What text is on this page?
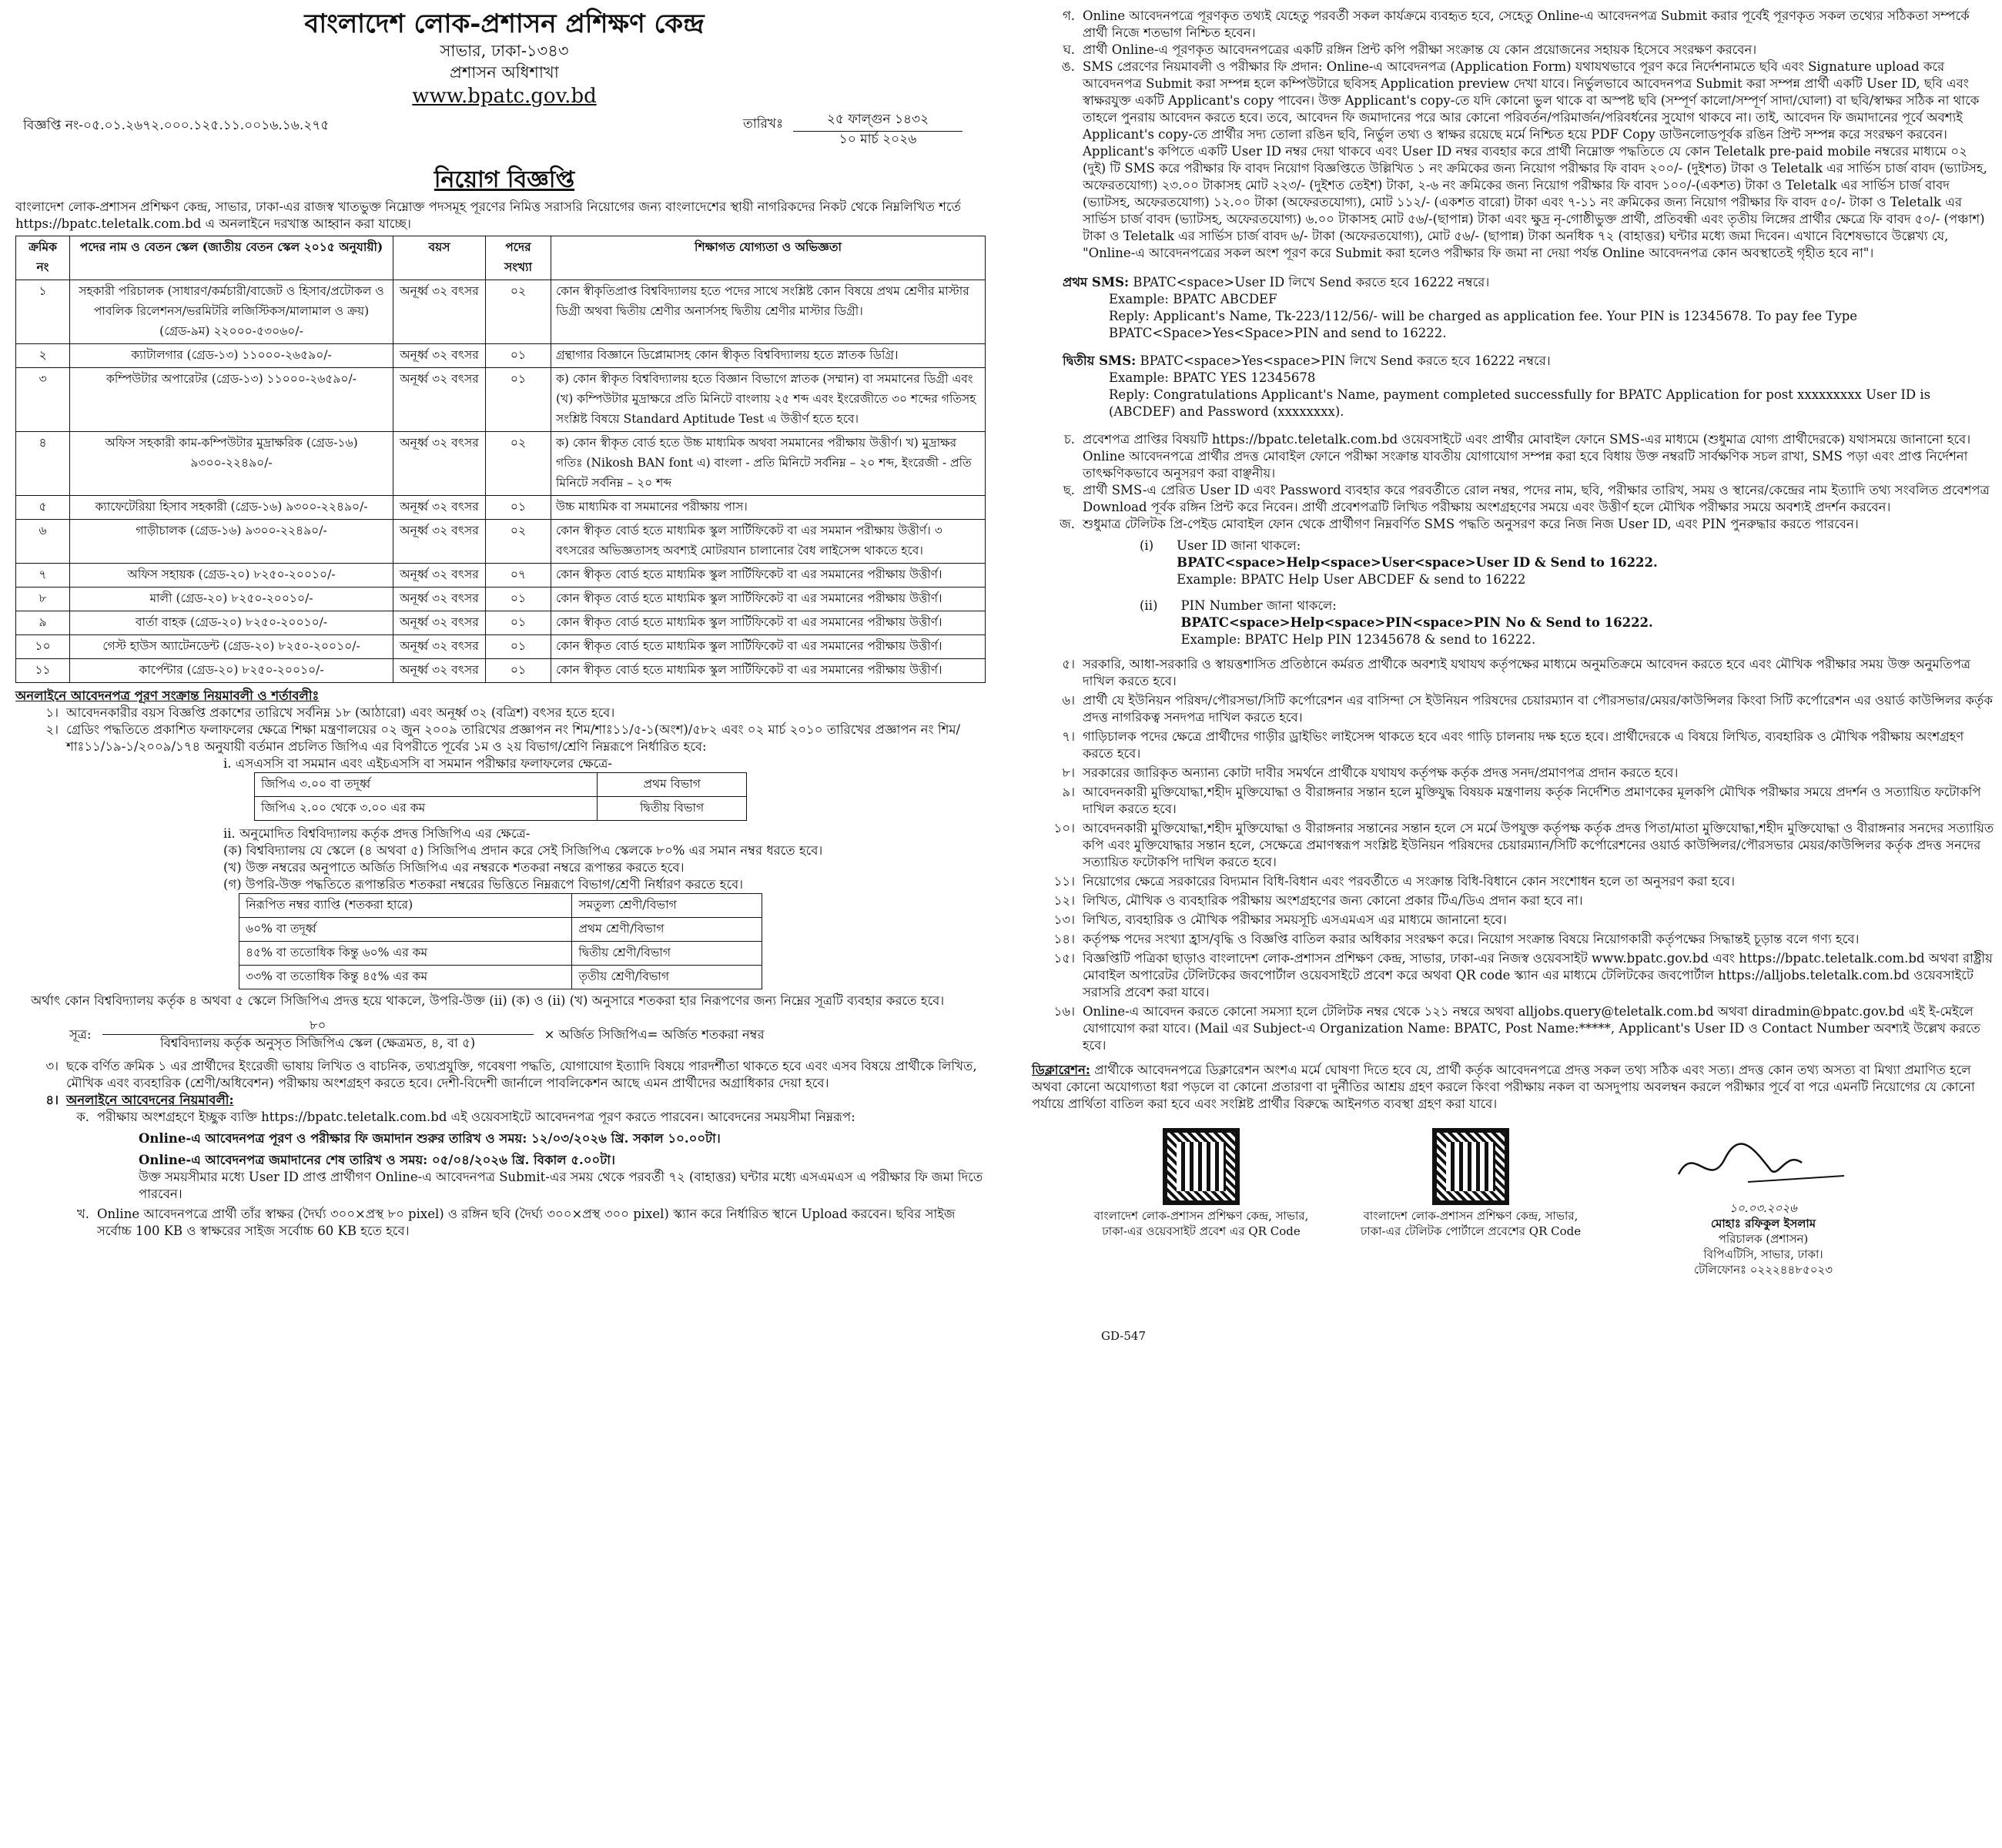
বাংলাদেশ লোক-প্রশাসন প্রশিক্ষণ কেন্দ্র
সাভার, ঢাকা-১৩৪৩
প্রশাসন অধিশাখা
www.bpatc.gov.bd
বিজ্ঞপ্তি নং-০৫.০১.২৬৭২.০০০.১২৫.১১.০০১৬.১৬.২৭৫	তারিখঃ	২৫ ফাল্গুন ১৪৩২
১০ মার্চ ২০২৬
নিয়োগ বিজ্ঞপ্তি
বাংলাদেশ লোক-প্রশাসন প্রশিক্ষণ কেন্দ্র, সাভার, ঢাকা-এর রাজস্ব খাতভুক্ত নিম্নোক্ত পদসমূহ পূরণের নিমিত্ত সরাসরি নিয়োগের জন্য বাংলাদেশের স্থায়ী নাগরিকদের নিকট থেকে নিম্নলিখিত শর্তে https://bpatc.teletalk.com.bd এ অনলাইনে দরখাস্ত আহ্বান করা যাচ্ছে।
ক্রমিক নং	পদের নাম ও বেতন স্কেল (জাতীয় বেতন স্কেল ২০১৫ অনুযায়ী)	বয়স	পদের সংখ্যা	শিক্ষাগত যোগ্যতা ও অভিজ্ঞতা
১	সহকারী পরিচালক (সাধারণ/কর্মচারী/বাজেট ও হিসাব/প্রটোকল ও পাবলিক রিলেশনস/ভরমিটরি লজিস্টিকস/মালামাল ও ক্রয়) (গ্রেড-৯ম) ২২০০০-৫৩০৬০/-	অনূর্ধ্ব ৩২ বৎসর	০২	কোন স্বীকৃতিপ্রাপ্ত বিশ্ববিদ্যালয় হতে পদের সাথে সংশ্লিষ্ট কোন বিষয়ে প্রথম শ্রেণীর মাস্টার ডিগ্রী অথবা দ্বিতীয় শ্রেণীর অনার্সসহ দ্বিতীয় শ্রেণীর মাস্টার ডিগ্রী।
২	ক্যাটালগার (গ্রেড-১৩) ১১০০০-২৬৫৯০/-	অনূর্ধ্ব ৩২ বৎসর	০১	গ্রন্থাগার বিজ্ঞানে ডিপ্লোমাসহ কোন স্বীকৃত বিশ্ববিদ্যালয় হতে স্নাতক ডিগ্রি।
৩	কম্পিউটার অপারেটর (গ্রেড-১৩) ১১০০০-২৬৫৯০/-	অনূর্ধ্ব ৩২ বৎসর	০১	ক) কোন স্বীকৃত বিশ্ববিদ্যালয় হতে বিজ্ঞান বিভাগে স্নাতক (সম্মান) বা সমমানের ডিগ্রী এবং (খ) কম্পিউটার মুদ্রাক্ষরে প্রতি মিনিটে বাংলায় ২৫ শব্দ এবং ইংরেজীতে ৩০ শব্দের গতিসহ সংশ্লিষ্ট বিষয়ে Standard Aptitude Test এ উত্তীর্ণ হতে হবে।
৪	অফিস সহকারী কাম-কম্পিউটার মুদ্রাক্ষরিক (গ্রেড-১৬) ৯৩০০-২২৪৯০/-	অনূর্ধ্ব ৩২ বৎসর	০২	ক) কোন স্বীকৃত বোর্ড হতে উচ্চ মাধ্যমিক অথবা সমমানের পরীক্ষায় উত্তীর্ণ। খ) মুদ্রাক্ষর গতিঃ (Nikosh BAN font এ) বাংলা - প্রতি মিনিটে সর্বনিম্ন – ২০ শব্দ, ইংরেজী - প্রতি মিনিটে সর্বনিম্ন – ২০ শব্দ
৫	ক্যাফেটেরিয়া হিসাব সহকারী (গ্রেড-১৬) ৯৩০০-২২৪৯০/-	অনূর্ধ্ব ৩২ বৎসর	০১	উচ্চ মাধ্যমিক বা সমমানের পরীক্ষায় পাস।
৬	গাড়ীচালক (গ্রেড-১৬) ৯৩০০-২২৪৯০/-	অনূর্ধ্ব ৩২ বৎসর	০২	কোন স্বীকৃত বোর্ড হতে মাধ্যমিক স্কুল সার্টিফিকেট বা এর সমমান পরীক্ষায় উত্তীর্ণ। ৩ বৎসরের অভিজ্ঞতাসহ অবশ্যই মোটরযান চালানোর বৈধ লাইসেন্স থাকতে হবে।
৭	অফিস সহায়ক (গ্রেড-২০) ৮২৫০-২০০১০/-	অনূর্ধ্ব ৩২ বৎসর	০৭	কোন স্বীকৃত বোর্ড হতে মাধ্যমিক স্কুল সার্টিফিকেট বা এর সমমানের পরীক্ষায় উত্তীর্ণ।
৮	মালী (গ্রেড-২০) ৮২৫০-২০০১০/-	অনূর্ধ্ব ৩২ বৎসর	০১	কোন স্বীকৃত বোর্ড হতে মাধ্যমিক স্কুল সার্টিফিকেট বা এর সমমানের পরীক্ষায় উত্তীর্ণ।
৯	বার্তা বাহক (গ্রেড-২০) ৮২৫০-২০০১০/-	অনূর্ধ্ব ৩২ বৎসর	০১	কোন স্বীকৃত বোর্ড হতে মাধ্যমিক স্কুল সার্টিফিকেট বা এর সমমানের পরীক্ষায় উত্তীর্ণ।
১০	গেস্ট হাউস অ্যাটেনডেন্ট (গ্রেড-২০) ৮২৫০-২০০১০/-	অনূর্ধ্ব ৩২ বৎসর	০১	কোন স্বীকৃত বোর্ড হতে মাধ্যমিক স্কুল সার্টিফিকেট বা এর সমমানের পরীক্ষায় উত্তীর্ণ।
১১	কার্পেন্টার (গ্রেড-২০) ৮২৫০-২০০১০/-	অনূর্ধ্ব ৩২ বৎসর	০১	কোন স্বীকৃত বোর্ড হতে মাধ্যমিক স্কুল সার্টিফিকেট বা এর সমমানের পরীক্ষায় উত্তীর্ণ।
অনলাইনে আবেদনপত্র পূরণ সংক্রান্ত নিয়মাবলী ও শর্তাবলীঃ
১। আবেদনকারীর বয়স বিজ্ঞপ্তি প্রকাশের তারিখে সর্বনিম্ন ১৮ (আঠারো) এবং অনূর্ধ্ব ৩২ (বত্রিশ) বৎসর হতে হবে।
২। গ্রেডিং পদ্ধতিতে প্রকাশিত ফলাফলের ক্ষেত্রে শিক্ষা মন্ত্রণালয়ের ০২ জুন ২০০৯ তারিখের প্রজ্ঞাপন নং শিম/শাঃ১১/৫-১(অংশ)/৫৮২ এবং ০২ মার্চ ২০১০ তারিখের প্রজ্ঞাপন নং শিম/শাঃ১১/১৯-১/২০০৯/১৭৪ অনুযায়ী বর্তমান প্রচলিত জিপিএ এর বিপরীতে পূর্বের ১ম ও ২য় বিভাগ/শ্রেণি নিম্নরূপে নির্ধারিত হবে:
i. এসএসসি বা সমমান এবং এইচএসসি বা সমমান পরীক্ষার ফলাফলের ক্ষেত্রে-
জিপিএ ৩.০০ বা তদূর্ধ্ব	প্রথম বিভাগ
জিপিএ ২.০০ থেকে ৩.০০ এর কম	দ্বিতীয় বিভাগ
ii. অনুমোদিত বিশ্ববিদ্যালয় কর্তৃক প্রদত্ত সিজিপিএ এর ক্ষেত্রে-
(ক) বিশ্ববিদ্যালয় যে স্কেলে (৪ অথবা ৫) সিজিপিএ প্রদান করে সেই সিজিপিএ স্কেলকে ৮০% এর সমান নম্বর ধরতে হবে।
(খ) উক্ত নম্বরের অনুপাতে অর্জিত সিজিপিএ এর নম্বরকে শতকরা নম্বরে রূপান্তর করতে হবে।
(গ) উপরি-উক্ত পদ্ধতিতে রূপান্তরিত শতকরা নম্বরের ভিত্তিতে নিম্নরূপে বিভাগ/শ্রেণী নির্ধারণ করতে হবে।
নিরূপিত নম্বর ব্যাপ্তি (শতকরা হারে)	সমতুল্য শ্রেণী/বিভাগ
৬০% বা তদূর্ধ্ব	প্রথম শ্রেণী/বিভাগ
৪৫% বা ততোধিক কিন্তু ৬০% এর কম	দ্বিতীয় শ্রেণী/বিভাগ
৩৩% বা ততোধিক কিন্তু ৪৫% এর কম	তৃতীয় শ্রেণী/বিভাগ
অর্থাৎ কোন বিশ্ববিদ্যালয় কর্তৃক ৪ অথবা ৫ স্কেলে সিজিপিএ প্রদত্ত হয়ে থাকলে, উপরি-উক্ত (ii) (ক) ও (ii) (খ) অনুসারে শতকরা হার নিরূপণের জন্য নিম্নের সূত্রটি ব্যবহার করতে হবে।
সূত্র:
৮০
বিশ্ববিদ্যালয় কর্তৃক অনুসৃত সিজিপিএ স্কেল (ক্ষেত্রমত, ৪, বা ৫)
× অর্জিত সিজিপিএ= অর্জিত শতকরা নম্বর
৩। ছকে বর্ণিত ক্রমিক ১ এর প্রার্থীদের ইংরেজী ভাষায় লিখিত ও বাচনিক, তথ্যপ্রযুক্তি, গবেষণা পদ্ধতি, যোগাযোগ ইত্যাদি বিষয়ে পারদর্শীতা থাকতে হবে এবং এসব বিষয়ে প্রার্থীকে লিখিত, মৌখিক এবং ব্যবহারিক (শ্রেণী/অধিবেশন) পরীক্ষায় অংশগ্রহণ করতে হবে। দেশী-বিদেশী জার্নালে পাবলিকেশন আছে এমন প্রার্থীদের অগ্রাধিকার দেয়া হবে।
৪। অনলাইনে আবেদনের নিয়মাবলী:
ক. পরীক্ষায় অংশগ্রহণে ইচ্ছুক ব্যক্তি https://bpatc.teletalk.com.bd এই ওয়েবসাইটে আবেদনপত্র পূরণ করতে পারবেন। আবেদনের সময়সীমা নিম্নরূপ:
Online-এ আবেদনপত্র পূরণ ও পরীক্ষার ফি জমাদান শুরুর তারিখ ও সময়: ১২/০৩/২০২৬ খ্রি. সকাল ১০.০০টা।
Online-এ আবেদনপত্র জমাদানের শেষ তারিখ ও সময়: ০৫/০৪/২০২৬ খ্রি. বিকাল ৫.০০টা।
উক্ত সময়সীমার মধ্যে User ID প্রাপ্ত প্রার্থীগণ Online-এ আবেদনপত্র Submit-এর সময় থেকে পরবর্তী ৭২ (বাহাত্তর) ঘন্টার মধ্যে এসএমএস এ পরীক্ষার ফি জমা দিতে পারবেন।
খ. Online আবেদনপত্রে প্রার্থী তাঁর স্বাক্ষর (দৈর্ঘ্য ৩০০×প্রস্থ ৮০ pixel) ও রঙ্গিন ছবি (দৈর্ঘ্য ৩০০×প্রস্থ ৩০০ pixel) স্ক্যান করে নির্ধারিত স্থানে Upload করবেন। ছবির সাইজ সর্বোচ্চ 100 KB ও স্বাক্ষরের সাইজ সর্বোচ্চ 60 KB হতে হবে।
গ. Online আবেদনপত্রে পূরণকৃত তথ্যই যেহেতু পরবর্তী সকল কার্যক্রমে ব্যবহৃত হবে, সেহেতু Online-এ আবেদনপত্র Submit করার পূর্বেই পূরণকৃত সকল তথ্যের সঠিকতা সম্পর্কে প্রার্থী নিজে শতভাগ নিশ্চিত হবেন।
ঘ. প্রার্থী Online-এ পূরণকৃত আবেদনপত্রের একটি রঙ্গিন প্রিন্ট কপি পরীক্ষা সংক্রান্ত যে কোন প্রয়োজনের সহায়ক হিসেবে সংরক্ষণ করবেন।
ঙ. SMS প্রেরণের নিয়মাবলী ও পরীক্ষার ফি প্রদান: Online-এ আবেদনপত্র (Application Form) যথাযথভাবে পূরণ করে নির্দেশনামতে ছবি এবং Signature upload করে আবেদনপত্র Submit করা সম্পন্ন হলে কম্পিউটারে ছবিসহ Application preview দেখা যাবে। নির্ভুলভাবে আবেদনপত্র Submit করা সম্পন্ন প্রার্থী একটি User ID, ছবি এবং স্বাক্ষরযুক্ত একটি Applicant's copy পাবেন। উক্ত Applicant's copy-তে যদি কোনো ভুল থাকে বা অস্পষ্ট ছবি (সম্পূর্ণ কালো/সম্পূর্ণ সাদা/ঘোলা) বা ছবি/স্বাক্ষর সঠিক না থাকে তাহলে পুনরায় আবেদন করতে হবে। তবে, আবেদন ফি জমাদানের পরে আর কোনো পরিবর্তন/পরিমার্জন/পরিবর্ধনের সুযোগ থাকবে না। তাই, আবেদন ফি জমাদানের পূর্বে অবশ্যই Applicant's copy-তে প্রার্থীর সদ্য তোলা রঙিন ছবি, নির্ভুল তথ্য ও স্বাক্ষর রয়েছে মর্মে নিশ্চিত হয়ে PDF Copy ডাউনলোডপূর্বক রঙিন প্রিন্ট সম্পন্ন করে সংরক্ষণ করবেন। Applicant's কপিতে একটি User ID নম্বর দেয়া থাকবে এবং User ID নম্বর ব্যবহার করে প্রার্থী নিম্নোক্ত পদ্ধতিতে যে কোন Teletalk pre-paid mobile নম্বরের মাধ্যমে ০২ (দুই) টি SMS করে পরীক্ষার ফি বাবদ নিয়োগ বিজ্ঞপ্তিতে উল্লিখিত ১ নং ক্রমিকের জন্য নিয়োগ পরীক্ষার ফি বাবদ ২০০/- (দুইশত) টাকা ও Teletalk এর সার্ভিস চার্জ বাবদ (ভ্যাটসহ, অফেরতযোগ্য) ২৩.০০ টাকাসহ মোট ২২৩/- (দুইশত তেইশ) টাকা, ২-৬ নং ক্রমিকের জন্য নিয়োগ পরীক্ষার ফি বাবদ ১০০/-(একশত) টাকা ও Teletalk এর সার্ভিস চার্জ বাবদ (ভ্যাটসহ, অফেরতযোগ্য) ১২.০০ টাকা (অফেরতযোগ্য), মোট ১১২/- (একশত বারো) টাকা এবং ৭-১১ নং ক্রমিকের জন্য নিয়োগ পরীক্ষার ফি বাবদ ৫০/- টাকা ও Teletalk এর সার্ভিস চার্জ বাবদ (ভ্যাটসহ, অফেরতযোগ্য) ৬.০০ টাকাসহ মোট ৫৬/-(ছাপান্ন) টাকা এবং ক্ষুদ্র নৃ-গোষ্ঠীভুক্ত প্রার্থী, প্রতিবন্ধী এবং তৃতীয় লিঙ্গের প্রার্থীর ক্ষেত্রে ফি বাবদ ৫০/- (পঞ্চাশ) টাকা ও Teletalk এর সার্ভিস চার্জ বাবদ ৬/- টাকা (অফেরতযোগ্য), মোট ৫৬/- (ছাপান্ন) টাকা অনধিক ৭২ (বাহাত্তর) ঘন্টার মধ্যে জমা দিবেন। এখানে বিশেষভাবে উল্লেখ্য যে, "Online-এ আবেদনপত্রের সকল অংশ পূরণ করে Submit করা হলেও পরীক্ষার ফি জমা না দেয়া পর্যন্ত Online আবেদনপত্র কোন অবস্থাতেই গৃহীত হবে না"।
প্রথম SMS: BPATC<space>User ID লিখে Send করতে হবে 16222 নম্বরে।
Example: BPATC ABCDEF
Reply: Applicant's Name, Tk-223/112/56/- will be charged as application fee. Your PIN is 12345678. To pay fee Type BPATC<Space>Yes<Space>PIN and send to 16222.
দ্বিতীয় SMS: BPATC<space>Yes<space>PIN লিখে Send করতে হবে 16222 নম্বরে।
Example: BPATC YES 12345678
Reply: Congratulations Applicant's Name, payment completed successfully for BPATC Application for post xxxxxxxxx User ID is (ABCDEF) and Password (xxxxxxxx).
চ. প্রবেশপত্র প্রাপ্তির বিষয়টি https://bpatc.teletalk.com.bd ওয়েবসাইটে এবং প্রার্থীর মোবাইল ফোনে SMS-এর মাধ্যমে (শুধুমাত্র যোগ্য প্রার্থীদেরকে) যথাসময়ে জানানো হবে। Online আবেদনপত্রে প্রার্থীর প্রদত্ত মোবাইল ফোনে পরীক্ষা সংক্রান্ত যাবতীয় যোগাযোগ সম্পন্ন করা হবে বিধায় উক্ত নম্বরটি সার্বক্ষণিক সচল রাখা, SMS পড়া এবং প্রাপ্ত নির্দেশনা তাৎক্ষণিকভাবে অনুসরণ করা বাঞ্ছনীয়।
ছ. প্রার্থী SMS-এ প্রেরিত User ID এবং Password ব্যবহার করে পরবর্তীতে রোল নম্বর, পদের নাম, ছবি, পরীক্ষার তারিখ, সময় ও স্থানের/কেন্দ্রের নাম ইত্যাদি তথ্য সংবলিত প্রবেশপত্র Download পূর্বক রঙ্গিন প্রিন্ট করে নিবেন। প্রার্থী প্রবেশপত্রটি লিখিত পরীক্ষায় অংশগ্রহণের সময়ে এবং উত্তীর্ণ হলে মৌখিক পরীক্ষার সময়ে অবশ্যই প্রদর্শন করবেন।
জ. শুধুমাত্র টেলিটক প্রি-পেইড মোবাইল ফোন থেকে প্রার্থীগণ নিম্নবর্ণিত SMS পদ্ধতি অনুসরণ করে নিজ নিজ User ID, এবং PIN পুনরুদ্ধার করতে পারবেন।
(i) User ID জানা থাকলে:
BPATC<space>Help<space>User<space>User ID & Send to 16222.
Example: BPATC Help User ABCDEF & send to 16222
(ii) PIN Number জানা থাকলে:
BPATC<space>Help<space>PIN<space>PIN No & Send to 16222.
Example: BPATC Help PIN 12345678 & send to 16222.
৫। সরকারি, আধা-সরকারি ও স্বায়ত্তশাসিত প্রতিষ্ঠানে কর্মরত প্রার্থীকে অবশ্যই যথাযথ কর্তৃপক্ষের মাধ্যমে অনুমতিক্রমে আবেদন করতে হবে এবং মৌখিক পরীক্ষার সময় উক্ত অনুমতিপত্র দাখিল করতে হবে।
৬। প্রার্থী যে ইউনিয়ন পরিষদ/পৌরসভা/সিটি কর্পোরেশন এর বাসিন্দা সে ইউনিয়ন পরিষদের চেয়ারম্যান বা পৌরসভার/মেয়র/কাউন্সিলর কিংবা সিটি কর্পোরেশন এর ওয়ার্ড কাউন্সিলর কর্তৃক প্রদত্ত নাগরিকত্ব সনদপত্র দাখিল করতে হবে।
৭। গাড়িচালক পদের ক্ষেত্রে প্রার্থীদের গাড়ীর ড্রাইভিং লাইসেন্স থাকতে হবে এবং গাড়ি চালনায় দক্ষ হতে হবে। প্রার্থীদেরকে এ বিষয়ে লিখিত, ব্যবহারিক ও মৌখিক পরীক্ষায় অংশগ্রহণ করতে হবে।
৮। সরকারের জারিকৃত অন্যান্য কোটা দাবীর সমর্থনে প্রার্থীকে যথাযথ কর্তৃপক্ষ কর্তৃক প্রদত্ত সনদ/প্রমাণপত্র প্রদান করতে হবে।
৯। আবেদনকারী মুক্তিযোদ্ধা,শহীদ মুক্তিযোদ্ধা ও বীরাঙ্গনার সন্তান হলে মুক্তিযুদ্ধ বিষয়ক মন্ত্রণালয় কর্তৃক নির্দেশিত প্রমাণকের মূলকপি মৌখিক পরীক্ষার সময়ে প্রদর্শন ও সত্যায়িত ফটোকপি দাখিল করতে হবে।
১০। আবেদনকারী মুক্তিযোদ্ধা,শহীদ মুক্তিযোদ্ধা ও বীরাঙ্গনার সন্তানের সন্তান হলে সে মর্মে উপযুক্ত কর্তৃপক্ষ কর্তৃক প্রদত্ত পিতা/মাতা মুক্তিযোদ্ধা,শহীদ মুক্তিযোদ্ধা ও বীরাঙ্গনার সনদের সত্যায়িত কপি এবং মুক্তিযোদ্ধার সন্তান হলে, সেক্ষেত্রে প্রমাণস্বরূপ সংশ্লিষ্ট ইউনিয়ন পরিষদের চেয়ারম্যান/সিটি কর্পোরেশনের ওয়ার্ড কাউন্সিলর/পৌরসভার মেয়র/কাউন্সিলর কর্তৃক প্রদত্ত সনদের সত্যায়িত ফটোকপি দাখিল করতে হবে।
১১। নিয়োগের ক্ষেত্রে সরকারের বিদ্যমান বিধি-বিধান এবং পরবর্তীতে এ সংক্রান্ত বিধি-বিধানে কোন সংশোধন হলে তা অনুসরণ করা হবে।
১২। লিখিত, মৌখিক ও ব্যবহারিক পরীক্ষায় অংশগ্রহণের জন্য কোনো প্রকার টিএ/ডিএ প্রদান করা হবে না।
১৩। লিখিত, ব্যবহারিক ও মৌখিক পরীক্ষার সময়সূচি এসএমএস এর মাধ্যমে জানানো হবে।
১৪। কর্তৃপক্ষ পদের সংখ্যা হ্রাস/বৃদ্ধি ও বিজ্ঞপ্তি বাতিল করার অধিকার সংরক্ষণ করে। নিয়োগ সংক্রান্ত বিষয়ে নিয়োগকারী কর্তৃপক্ষের সিদ্ধান্তই চূড়ান্ত বলে গণ্য হবে।
১৫। বিজ্ঞপ্তিটি পত্রিকা ছাড়াও বাংলাদেশ লোক-প্রশাসন প্রশিক্ষণ কেন্দ্র, সাভার, ঢাকা-এর নিজস্ব ওয়েবসাইট www.bpatc.gov.bd এবং https://bpatc.teletalk.com.bd অথবা রাষ্ট্রীয় মোবাইল অপারেটর টেলিটকের জবপোর্টাল ওয়েবসাইটে প্রবেশ করে অথবা QR code স্ক্যান এর মাধ্যমে টেলিটকের জবপোর্টাল https://alljobs.teletalk.com.bd ওয়েবসাইটে সরাসরি প্রবেশ করা যাবে।
১৬। Online-এ আবেদন করতে কোনো সমস্যা হলে টেলিটক নম্বর থেকে ১২১ নম্বরে অথবা alljobs.query@teletalk.com.bd অথবা diradmin@bpatc.gov.bd এই ই-মেইলে যোগাযোগ করা যাবে। (Mail এর Subject-এ Organization Name: BPATC, Post Name:*****, Applicant's User ID ও Contact Number অবশ্যই উল্লেখ করতে হবে।
ডিক্লারেশন: প্রার্থীকে আবেদনপত্রে ডিক্লারেশন অংশএ মর্মে ঘোষণা দিতে হবে যে, প্রার্থী কর্তৃক আবেদনপত্রে প্রদত্ত সকল তথ্য সঠিক এবং সত্য। প্রদত্ত কোন তথ্য অসত্য বা মিথ্যা প্রমাণিত হলে অথবা কোনো অযোগ্যতা ধরা পড়লে বা কোনো প্রতারণা বা দুর্নীতির আশ্রয় গ্রহণ করলে কিংবা পরীক্ষায় নকল বা অসদুপায় অবলম্বন করলে পরীক্ষার পূর্বে বা পরে এমনটি নিয়োগের যে কোনো পর্যায়ে প্রার্থিতা বাতিল করা হবে এবং সংশ্লিষ্ট প্রার্থীর বিরুদ্ধে আইনগত ব্যবস্থা গ্রহণ করা যাবে।
বাংলাদেশ লোক-প্রশাসন প্রশিক্ষণ কেন্দ্র, সাভার, ঢাকা-এর ওয়েবসাইট প্রবেশ এর QR Code
বাংলাদেশ লোক-প্রশাসন প্রশিক্ষণ কেন্দ্র, সাভার, ঢাকা-এর টেলিটক পোর্টালে প্রবেশের QR Code
১০.০৩.২০২৬
মোহাঃ রফিকুল ইসলাম
পরিচালক (প্রশাসন)
বিপিএটিসি, সাভার, ঢাকা।
টেলিফোনঃ ০২২২৪৪৮৫০২৩
GD-547
